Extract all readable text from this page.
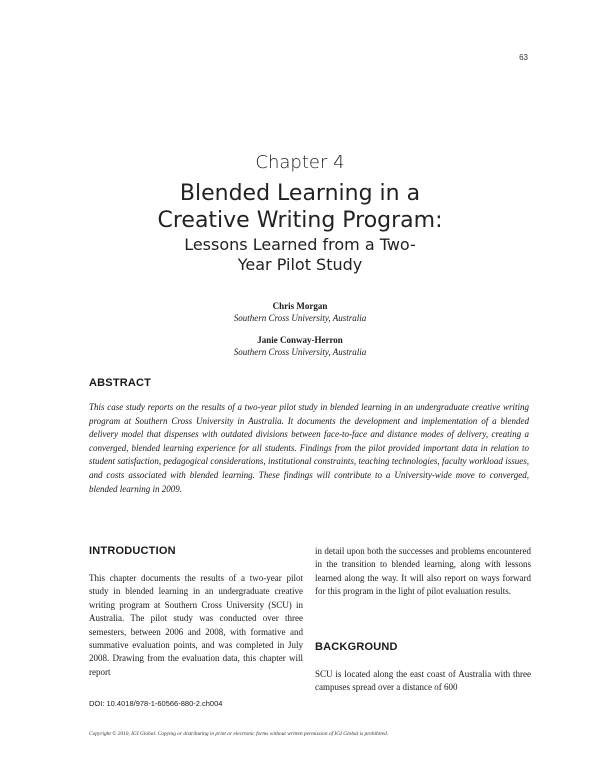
63
Chapter 4
Blended Learning in a
Creative Writing Program:
Lessons Learned from a Two-
Year Pilot Study
Chris Morgan
Southern Cross University, Australia
Janie Conway-Herron
Southern Cross University, Australia
ABSTRACT
This case study reports on the results of a two-year pilot study in blended learning in an undergraduate creative writing program at Southern Cross University in Australia. It documents the development and implementation of a blended delivery model that dispenses with outdated divisions between face-to-face and distance modes of delivery, creating a converged, blended learning experience for all students. Findings from the pilot provided important data in relation to student satisfaction, pedagogical considerations, institutional constraints, teaching technologies, faculty workload issues, and costs associated with blended learning. These findings will contribute to a University-wide move to converged, blended learning in 2009.
INTRODUCTION

This chapter documents the results of a two-year pilot study in blended learning in an undergraduate creative writing program at Southern Cross University (SCU) in Australia. The pilot study was conducted over three semesters, between 2006 and 2008, with formative and summative evaluation points, and was completed in July 2008. Drawing from the evaluation data, this chapter will report

in detail upon both the successes and problems encountered in the transition to blended learning, along with lessons learned along the way. It will also report on ways forward for this program in the light of pilot evaluation results.

BACKGROUND

SCU is located along the east coast of Australia with three campuses spread over a distance of 600

DOI: 10.4018/978-1-60566-880-2.ch004
Copyright © 2010, IGI Global. Copying or distributing in print or electronic forms without written permission of IGI Global is prohibited.
